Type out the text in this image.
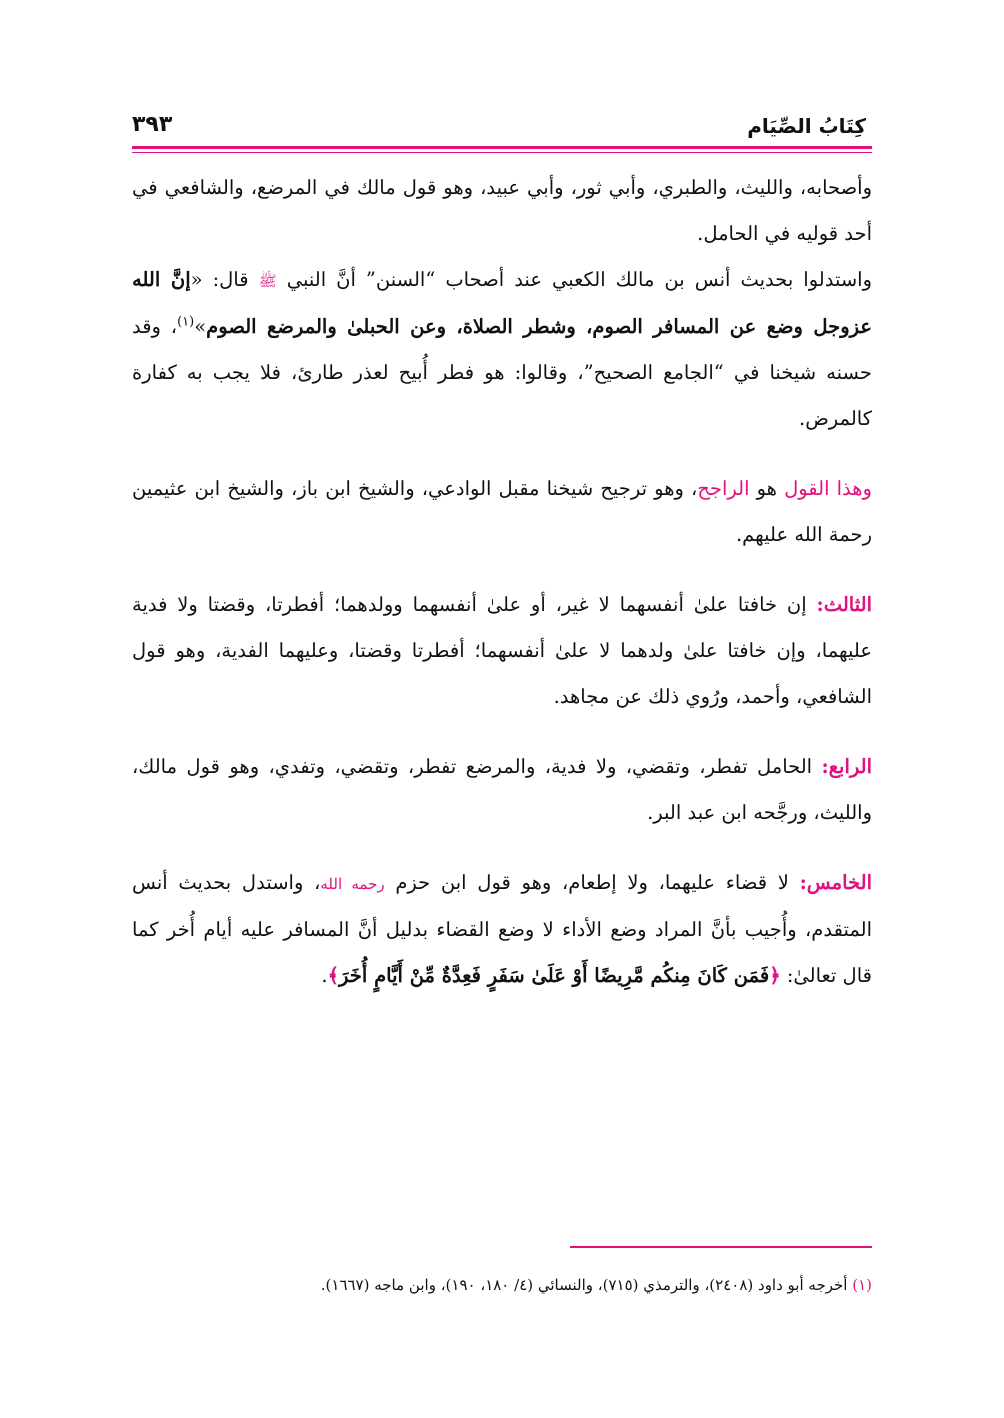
كِتَابُ الصِّيَام
٣٩٣

وأصحابه، والليث، والطبري، وأبي ثور، وأبي عبيد، وهو قول مالك في المرضع، والشافعي في أحد قوليه في الحامل.

واستدلوا بحديث أنس بن مالك الكعبي عند أصحاب “السنن” أنَّ النبي ﷺ قال: «إنَّ الله عزوجل وضع عن المسافر الصوم، وشطر الصلاة، وعن الحبلىٰ والمرضع الصوم»$^{(١)}$، وقد حسنه شيخنا في “الجامع الصحيح”، وقالوا: هو فطر أُبيح لعذر طارئ، فلا يجب به كفارة كالمرض.

وهذا القول هو الراجح، وهو ترجيح شيخنا مقبل الوادعي، والشيخ ابن باز، والشيخ ابن عثيمين رحمة الله عليهم.

الثالث: إن خافتا علىٰ أنفسهما لا غير، أو علىٰ أنفسهما وولدهما؛ أفطرتا، وقضتا ولا فدية عليهما، وإن خافتا علىٰ ولدهما لا علىٰ أنفسهما؛ أفطرتا وقضتا، وعليهما الفدية، وهو قول الشافعي، وأحمد، ورُوي ذلك عن مجاهد.

الرابع: الحامل تفطر، وتقضي، ولا فدية، والمرضع تفطر، وتقضي، وتفدي، وهو قول مالك، والليث، ورجَّحه ابن عبد البر.

الخامس: لا قضاء عليهما، ولا إطعام، وهو قول ابن حزم رحمه الله، واستدل بحديث أنس المتقدم، وأُجيب بأنَّ المراد وضع الأداء لا وضع القضاء بدليل أنَّ المسافر عليه أيام أُخر كما قال تعالىٰ: ﴿فَمَن كَانَ مِنكُم مَّرِيضًا أَوْ عَلَىٰ سَفَرٍ فَعِدَّةٌ مِّنْ أَيَّامٍ أُخَرَ﴾.

(١) أخرجه أبو داود (٢٤٠٨)، والترمذي (٧١٥)، والنسائي (٤/ ١٨٠، ١٩٠)، وابن ماجه (١٦٦٧).
